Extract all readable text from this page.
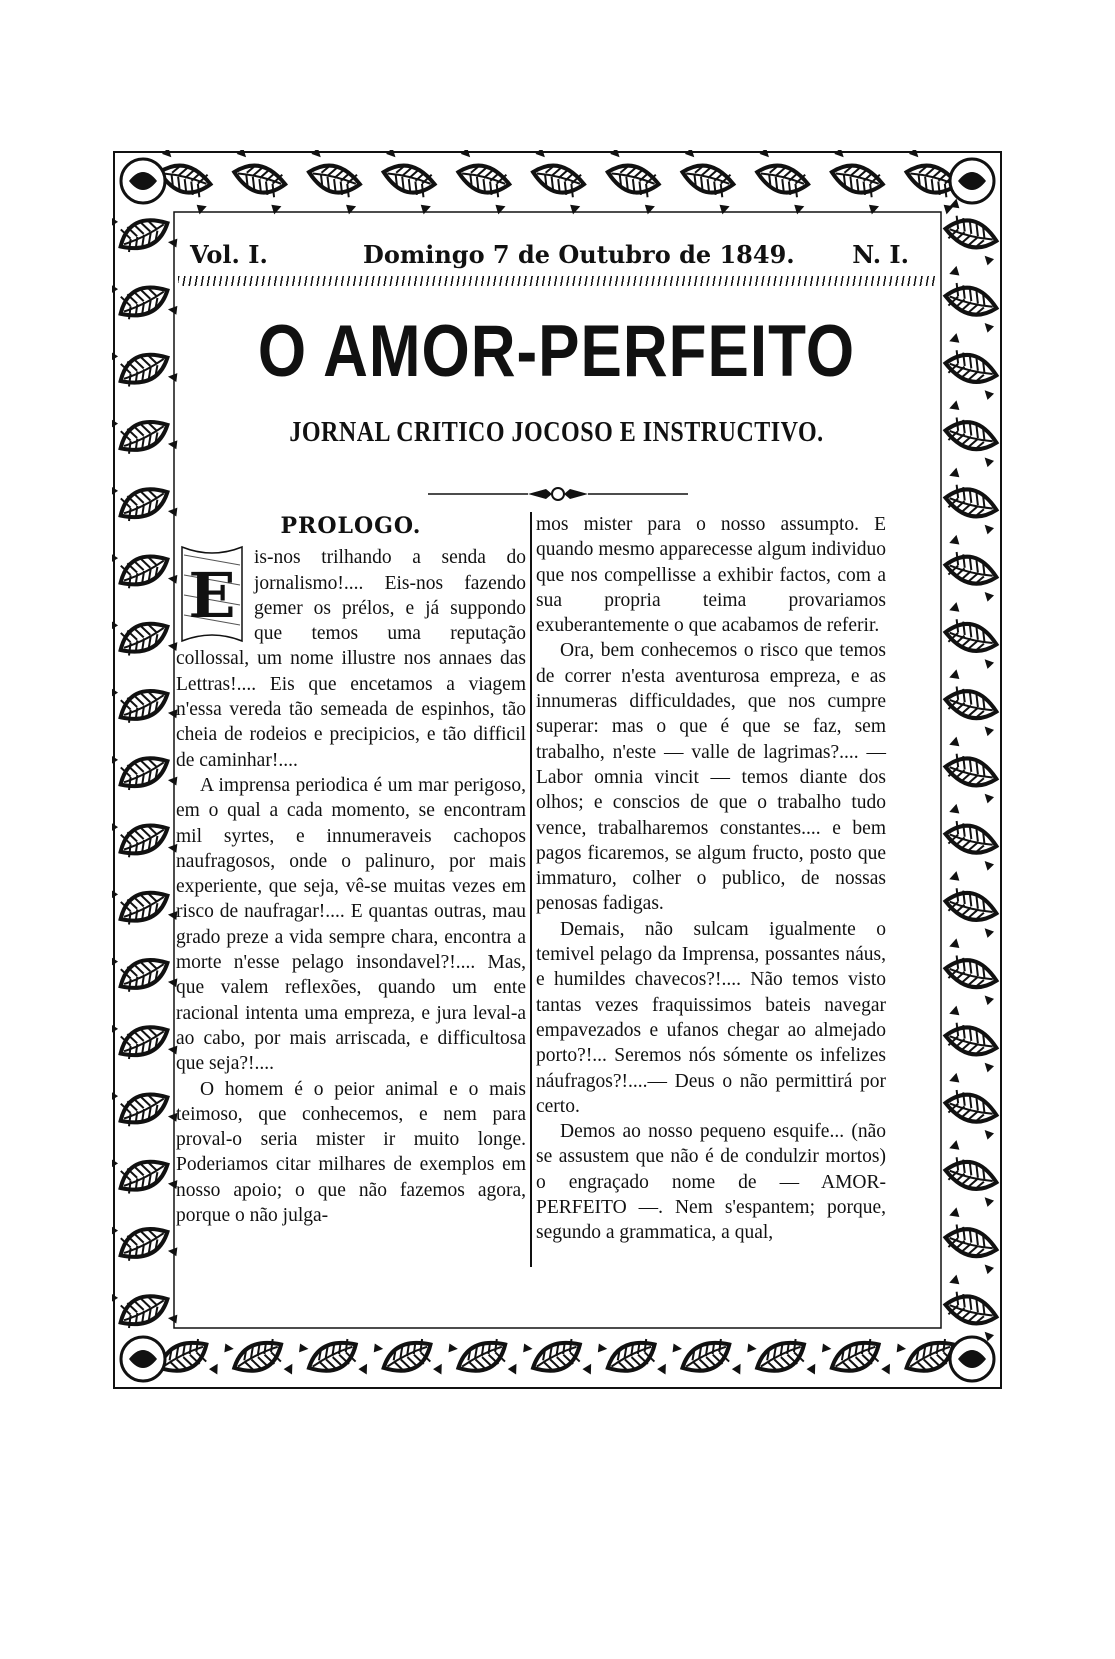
Vol. I.	Domingo 7 de Outubro de 1849. N. I.
O AMOR-PERFEITO
JORNAL CRITICO JOCOSO E INSTRUCTIVO.
PROLOGO.
E

is-nos trilhando a senda do jornalismo!.... Eis-nos fazendo gemer os prélos, e já suppondo que temos uma reputação collossal, um nome illustre nos annaes das Lettras!.... Eis que encetamos a viagem n'essa vereda tão semeada de espinhos, tão cheia de rodeios e precipicios, e tão difficil de caminhar!....

A imprensa periodica é um mar perigoso, em o qual a cada momento, se encontram mil syrtes, e innumeraveis cachopos naufragosos, onde o palinuro, por mais experiente, que seja, vê-se muitas vezes em risco de naufragar!.... E quantas outras, mau grado preze a vida sempre chara, encontra a morte n'esse pelago insondavel?!.... Mas, que valem reflexões, quando um ente racional intenta uma empreza, e jura leval-a ao cabo, por mais arriscada, e difficultosa que seja?!....

O homem é o peior animal e o mais teimoso, que conhecemos, e nem para proval-o seria mister ir muito longe. Poderiamos citar milhares de exemplos em nosso apoio; o que não fazemos agora, porque o não julga-

mos mister para o nosso assumpto. E quando mesmo apparecesse algum individuo que nos compellisse a exhibir factos, com a sua propria teima provariamos exuberantemente o que acabamos de referir.

Ora, bem conhecemos o risco que temos de correr n'esta aventurosa empreza, e as innumeras difficuldades, que nos cumpre superar: mas o que é que se faz, sem trabalho, n'este — valle de lagrimas?.... — Labor omnia vincit — temos diante dos olhos; e conscios de que o trabalho tudo vence, trabalharemos constantes.... e bem pagos ficaremos, se algum fructo, posto que immaturo, colher o publico, de nossas penosas fadigas.

Demais, não sulcam igualmente o temivel pelago da Imprensa, possantes náus, e humildes chavecos?!.... Não temos visto tantas vezes fraquissimos bateis navegar empavezados e ufanos chegar ao almejado porto?!... Seremos nós sómente os infelizes náufragos?!....— Deus o não permittirá por certo.

Demos ao nosso pequeno esquife... (não se assustem que não é de condulzir mortos) o engraçado nome de — AMOR-PERFEITO —. Nem s'espantem; porque, segundo a grammatica, a qual,
